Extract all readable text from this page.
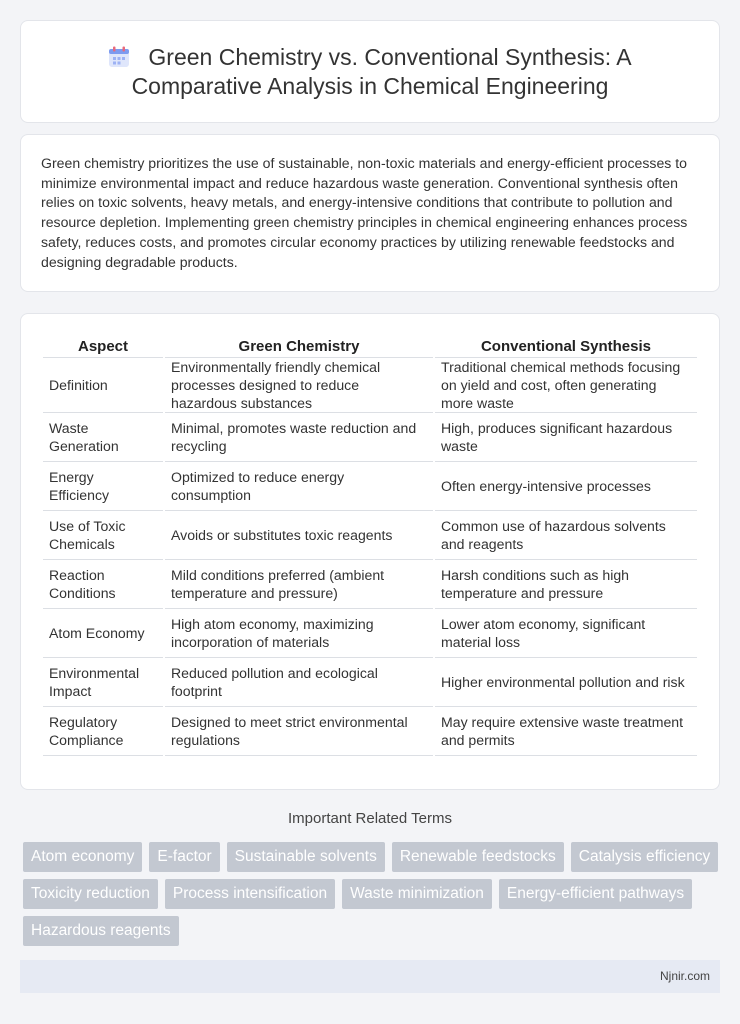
Green Chemistry vs. Conventional Synthesis: A Comparative Analysis in Chemical Engineering

Green chemistry prioritizes the use of sustainable, non-toxic materials and energy-efficient processes to minimize environmental impact and reduce hazardous waste generation. Conventional synthesis often relies on toxic solvents, heavy metals, and energy-intensive conditions that contribute to pollution and resource depletion. Implementing green chemistry principles in chemical engineering enhances process safety, reduces costs, and promotes circular economy practices by utilizing renewable feedstocks and designing degradable products.

Aspect	Green Chemistry	Conventional Synthesis
Definition	Environmentally friendly chemical processes designed to reduce hazardous substances	Traditional chemical methods focusing on yield and cost, often generating more waste
Waste Generation	Minimal, promotes waste reduction and recycling	High, produces significant hazardous waste
Energy Efficiency	Optimized to reduce energy consumption	Often energy-intensive processes
Use of Toxic Chemicals	Avoids or substitutes toxic reagents	Common use of hazardous solvents and reagents
Reaction Conditions	Mild conditions preferred (ambient temperature and pressure)	Harsh conditions such as high temperature and pressure
Atom Economy	High atom economy, maximizing incorporation of materials	Lower atom economy, significant material loss
Environmental Impact	Reduced pollution and ecological footprint	Higher environmental pollution and risk
Regulatory Compliance	Designed to meet strict environmental regulations	May require extensive waste treatment and permits
Important Related Terms
Atom economy	E-factor	Sustainable solvents	Renewable feedstocks	Catalysis efficiency
Toxicity reduction	Process intensification	Waste minimization	Energy-efficient pathways
Hazardous reagents
Njnir.com
